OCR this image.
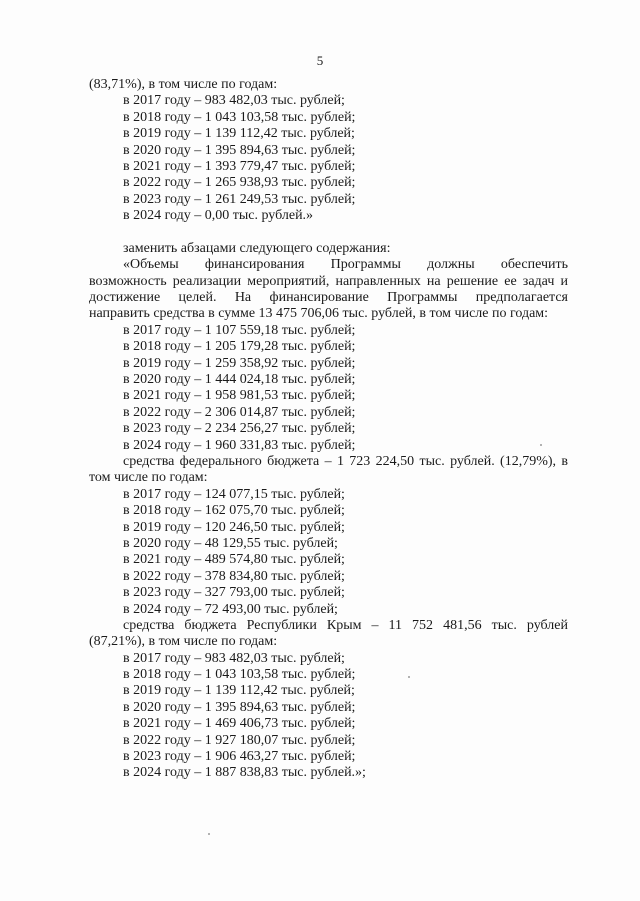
5
(83,71%), в том числе по годам:
в 2017 году – 983 482,03 тыс. рублей;
в 2018 году – 1 043 103,58 тыс. рублей;
в 2019 году – 1 139 112,42 тыс. рублей;
в 2020 году – 1 395 894,63 тыс. рублей;
в 2021 году – 1 393 779,47 тыс. рублей;
в 2022 году – 1 265 938,93 тыс. рублей;
в 2023 году – 1 261 249,53 тыс. рублей;
в 2024 году – 0,00 тыс. рублей.»
заменить абзацами следующего содержания:
«Объемы финансирования Программы должны обеспечить
возможность реализации мероприятий, направленных на решение ее задач и
достижение целей. На финансирование Программы предполагается
направить средства в сумме 13 475 706,06 тыс. рублей, в том числе по годам:
в 2017 году – 1 107 559,18 тыс. рублей;
в 2018 году – 1 205 179,28 тыс. рублей;
в 2019 году – 1 259 358,92 тыс. рублей;
в 2020 году – 1 444 024,18 тыс. рублей;
в 2021 году – 1 958 981,53 тыс. рублей;
в 2022 году – 2 306 014,87 тыс. рублей;
в 2023 году – 2 234 256,27 тыс. рублей;
в 2024 году – 1 960 331,83 тыс. рублей;
средства федерального бюджета – 1 723 224,50 тыс. рублей. (12,79%), в
том числе по годам:
в 2017 году – 124 077,15 тыс. рублей;
в 2018 году – 162 075,70 тыс. рублей;
в 2019 году – 120 246,50 тыс. рублей;
в 2020 году – 48 129,55 тыс. рублей;
в 2021 году – 489 574,80 тыс. рублей;
в 2022 году – 378 834,80 тыс. рублей;
в 2023 году – 327 793,00 тыс. рублей;
в 2024 году – 72 493,00 тыс. рублей;
средства бюджета Республики Крым – 11 752 481,56 тыс. рублей
(87,21%), в том числе по годам:
в 2017 году – 983 482,03 тыс. рублей;
в 2018 году – 1 043 103,58 тыс. рублей;
в 2019 году – 1 139 112,42 тыс. рублей;
в 2020 году – 1 395 894,63 тыс. рублей;
в 2021 году – 1 469 406,73 тыс. рублей;
в 2022 году – 1 927 180,07 тыс. рублей;
в 2023 году – 1 906 463,27 тыс. рублей;
в 2024 году – 1 887 838,83 тыс. рублей.»;
